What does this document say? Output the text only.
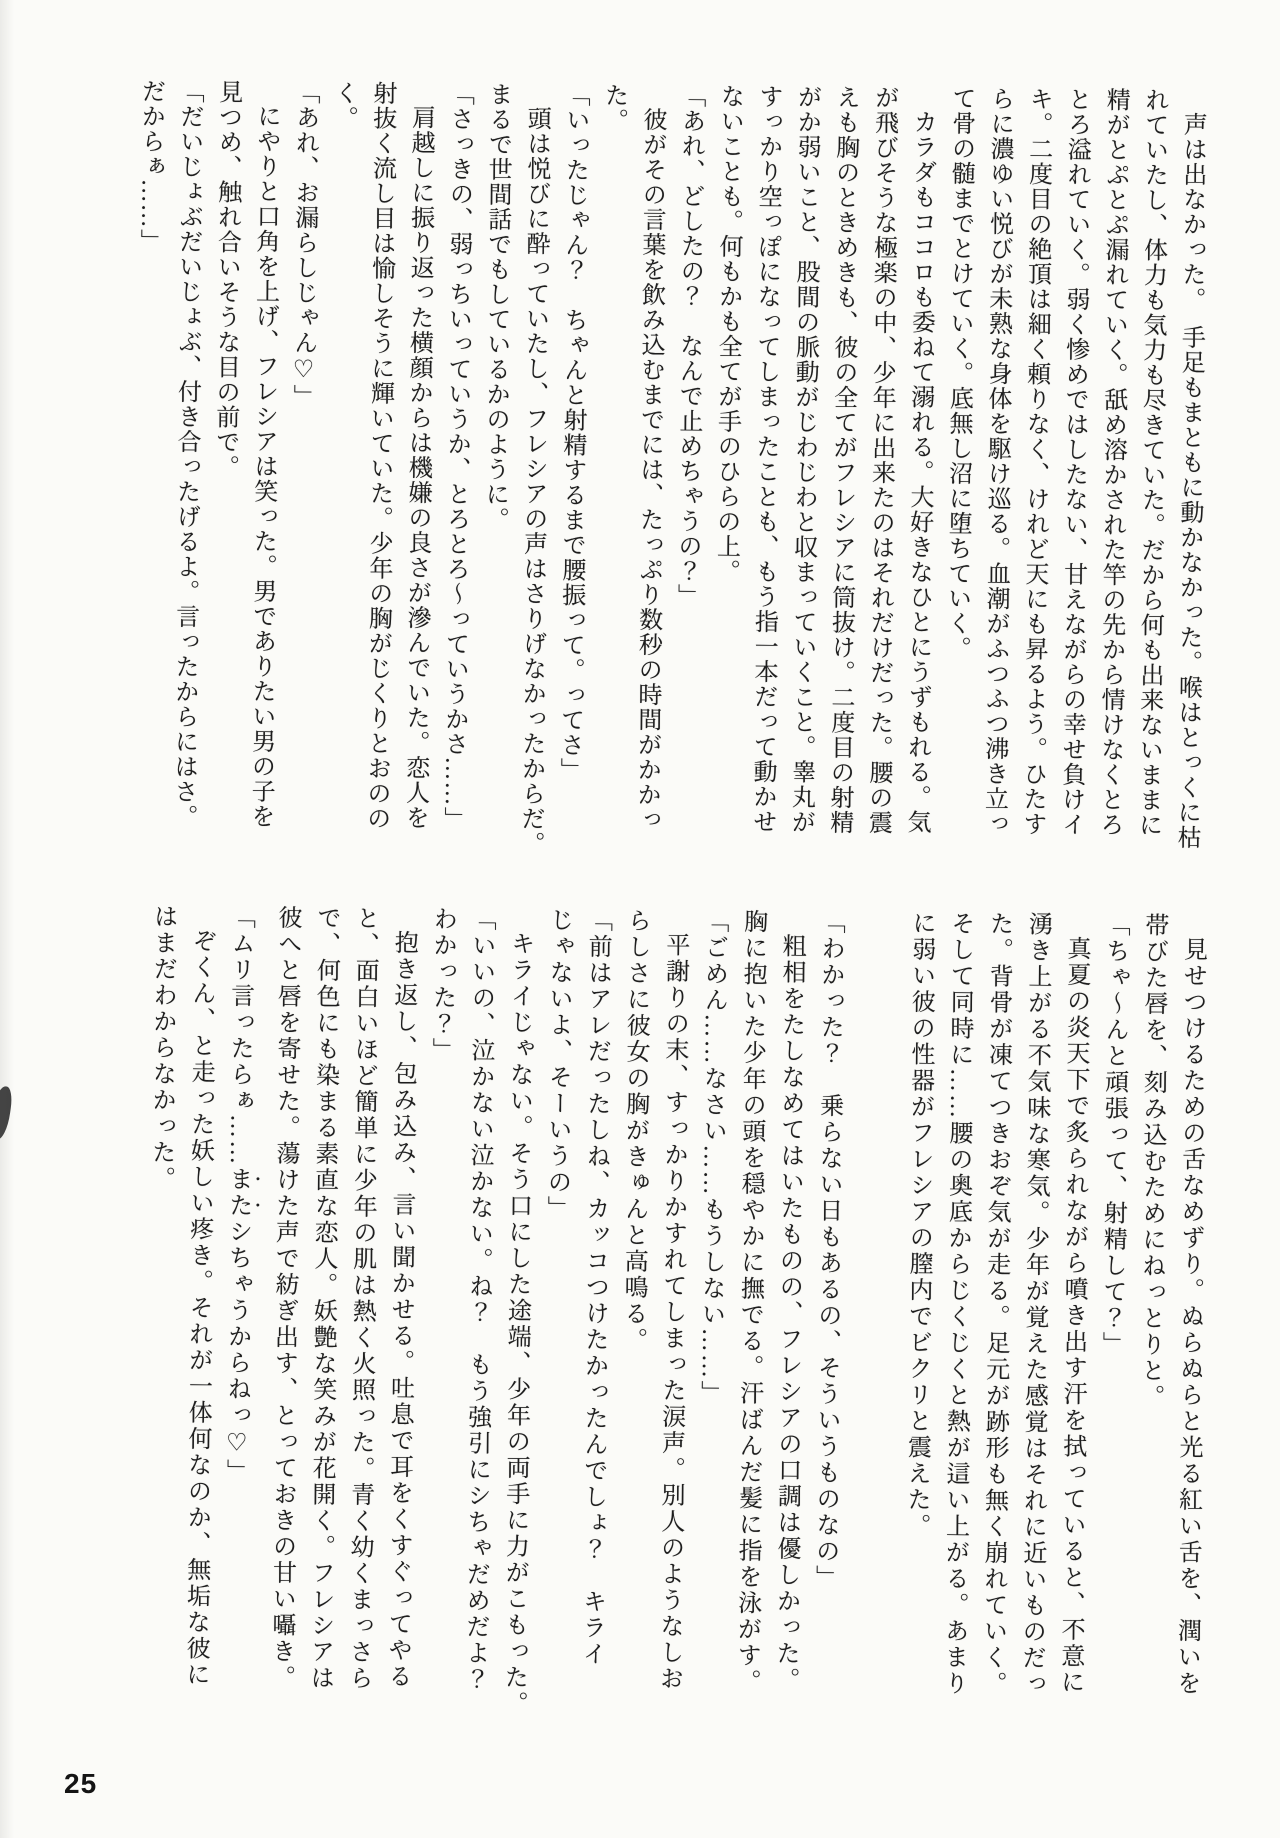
声は出なかった。　手足もまともに動かなかった。喉はとっくに枯

れていたし、体力も気力も尽きていた。だから何も出来ないままに

精がとぷとぷ漏れていく。舐め溶かされた竿の先から情けなくとろ

とろ溢れていく。弱く惨めではしたない、甘えながらの幸せ負けイ

キ。二度目の絶頂は細く頼りなく、けれど天にも昇るよう。ひたす

らに濃ゆい悦びが未熟な身体を駆け巡る。血潮がふつふつ沸き立っ

て骨の髄までとけていく。底無し沼に堕ちていく。

カラダもココロも委ねて溺れる。大好きなひとにうずもれる。気

が飛びそうな極楽の中、少年に出来たのはそれだけだった。腰の震

えも胸のときめきも、彼の全てがフレシアに筒抜け。二度目の射精

がか弱いこと、股間の脈動がじわじわと収まっていくこと。睾丸が

すっかり空っぽになってしまったことも、もう指一本だって動かせ

ないことも。何もかも全てが手のひらの上。

「あれ、どしたの？　なんで止めちゃうの？」

彼がその言葉を飲み込むまでには、たっぷり数秒の時間がかかっ

た。

「いったじゃん？　ちゃんと射精するまで腰振って。ってさ」

頭は悦びに酔っていたし、フレシアの声はさりげなかったからだ。

まるで世間話でもしているかのように。

「さっきの、弱っちいっていうか、とろとろ〜っていうかさ……」

肩越しに振り返った横顔からは機嫌の良さが滲んでいた。恋人を

射抜く流し目は愉しそうに輝いていた。少年の胸がじくりとおのの

く。

「あれ、お漏らしじゃん♡」

にやりと口角を上げ、フレシアは笑った。男でありたい男の子を

見つめ、触れ合いそうな目の前で。

「だいじょぶだいじょぶ、付き合ったげるよ。言ったからにはさ。

だからぁ……」

見せつけるための舌なめずり。ぬらぬらと光る紅い舌を、潤いを

帯びた唇を、刻み込むためにねっとりと。

「ちゃ〜んと頑張って、射精して？」

真夏の炎天下で炙られながら噴き出す汗を拭っていると、不意に

湧き上がる不気味な寒気。少年が覚えた感覚はそれに近いものだっ

た。背骨が凍てつきおぞ気が走る。足元が跡形も無く崩れていく。

そして同時に……腰の奥底からじくじくと熱が這い上がる。あまり

に弱い彼の性器がフレシアの膣内でビクリと震えた。

「わかった？　乗らない日もあるの、そういうものなの」

粗相をたしなめてはいたものの、フレシアの口調は優しかった。

胸に抱いた少年の頭を穏やかに撫でる。汗ばんだ髪に指を泳がす。

「ごめん……なさい……もうしない……」

平謝りの末、すっかりかすれてしまった涙声。別人のようなしお

らしさに彼女の胸がきゅんと高鳴る。

「前はアレだったしね、カッコつけたかったんでしょ？　キライ

じゃないよ、そーいうの」

キライじゃない。そう口にした途端、少年の両手に力がこもった。

「いいの、泣かない泣かない。ね？　もう強引にシちゃだめだよ？

わかった？」

抱き返し、包み込み、言い聞かせる。吐息で耳をくすぐってやる

と、面白いほど簡単に少年の肌は熱く火照った。青く幼くまっさら

で、何色にも染まる素直な恋人。妖艶な笑みが花開く。フレシアは

彼へと唇を寄せた。蕩けた声で紡ぎ出す、とっておきの甘い囁き。

「ムリ言ったらぁ……またシちゃうからねっ♡」

ぞくん、と走った妖しい疼き。それが一体何なのか、無垢な彼に

はまだわからなかった。

25
